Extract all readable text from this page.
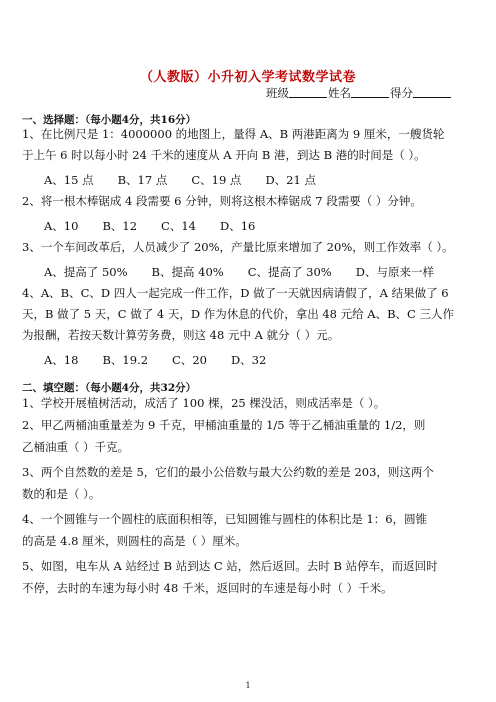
（人教版）小升初入学考试数学试卷
班级	姓名	得分
一、选择题：（每小题4分，共16分）
1、在比例尺是 1：4000000 的地图上，量得 A、B 两港距离为 9 厘米，一艘货轮
于上午 6 时以每小时 24 千米的速度从 A 开向 B 港，到达 B 港的时间是（ ）。
A、15 点 B、17 点 C、19 点 D、21 点
2、将一根木棒锯成 4 段需要 6 分钟，则将这根木棒锯成 7 段需要（ ）分钟。
A、10 B、12 C、14 D、16
3、一个车间改革后，人员减少了 20%，产量比原来增加了 20%，则工作效率（ ）。
A、提高了 50% B、提高 40% C、提高了 30% D、与原来一样
4、A、B、C、D 四人一起完成一件工作，D 做了一天就因病请假了，A 结果做了 6
天，B 做了 5 天，C 做了 4 天，D 作为休息的代价，拿出 48 元给 A、B、C 三人作
为报酬，若按天数计算劳务费，则这 48 元中 A 就分（ ）元。
A、18 B、19.2 C、20 D、32
二、填空题：（每小题4分，共32分）
1、学校开展植树活动，成活了 100 棵，25 棵没活，则成活率是（ ）。
2、甲乙两桶油重量差为 9 千克，甲桶油重量的 1/5 等于乙桶油重量的 1/2，则
乙桶油重（ ）千克。
3、两个自然数的差是 5，它们的最小公倍数与最大公约数的差是 203，则这两个
数的和是（ ）。
4、一个圆锥与一个圆柱的底面积相等，已知圆锥与圆柱的体积比是 1：6，圆锥
的高是 4.8 厘米，则圆柱的高是（ ）厘米。
5、如图，电车从 A 站经过 B 站到达 C 站，然后返回。去时 B 站停车，而返回时
不停，去时的车速为每小时 48 千米，返回时的车速是每小时（ ）千米。
1
